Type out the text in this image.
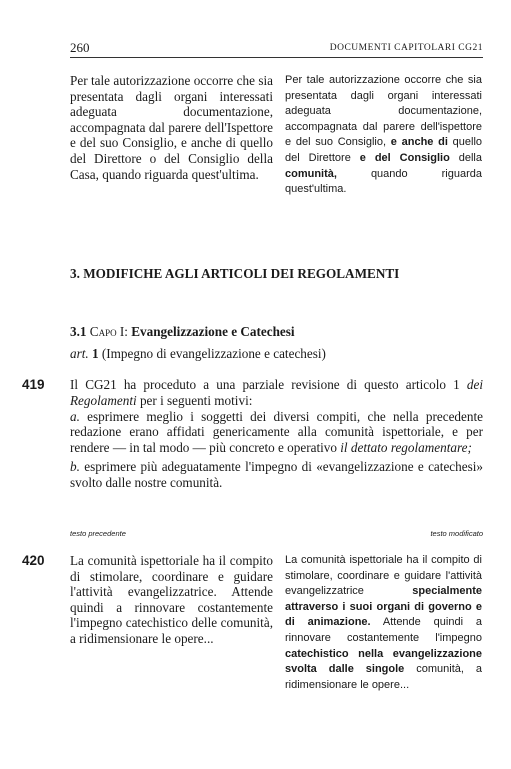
260	DOCUMENTI CAPITOLARI CG21

Per tale autorizzazione occorre che sia presentata dagli organi interessati adeguata documentazione, accompagnata dal parere dell'Ispettore e del suo Consiglio, e anche di quello del Direttore o del Consiglio della Casa, quando riguarda quest'ultima.

Per tale autorizzazione occorre che sia presentata dagli organi interessati adeguata documentazione, accompagnata dal parere dell'ispettore e del suo Consiglio, e anche di quello del Direttore e del Consiglio della comunità, quando riguarda quest'ultima.

3. MODIFICHE AGLI ARTICOLI DEI REGOLAMENTI

3.1 Capo I: Evangelizzazione e Catechesi

art. 1 (Impegno di evangelizzazione e catechesi)

419 Il CG21 ha proceduto a una parziale revisione di questo articolo 1 dei Regolamenti per i seguenti motivi:

a. esprimere meglio i soggetti dei diversi compiti, che nella precedente redazione erano affidati genericamente alla comunità ispettoriale, e per rendere — in tal modo — più concreto e operativo il dettato regolamentare;

b. esprimere più adeguatamente l'impegno di «evangelizzazione e catechesi» svolto dalle nostre comunità.

testo precedente	testo modificato
420 La comunità ispettoriale ha il compito di stimolare, coordinare e guidare l'attività evangelizzatrice. Attende quindi a rinnovare costantemente l'impegno catechistico delle comunità, a ridimensionare le opere...

La comunità ispettoriale ha il compito di stimolare, coordinare e guidare l'attività evangelizzatrice specialmente attraverso i suoi organi di governo e di animazione. Attende quindi a rinnovare costantemente l'impegno catechistico nella evangelizzazione svolta dalle singole comunità, a ridimensionare le opere...
